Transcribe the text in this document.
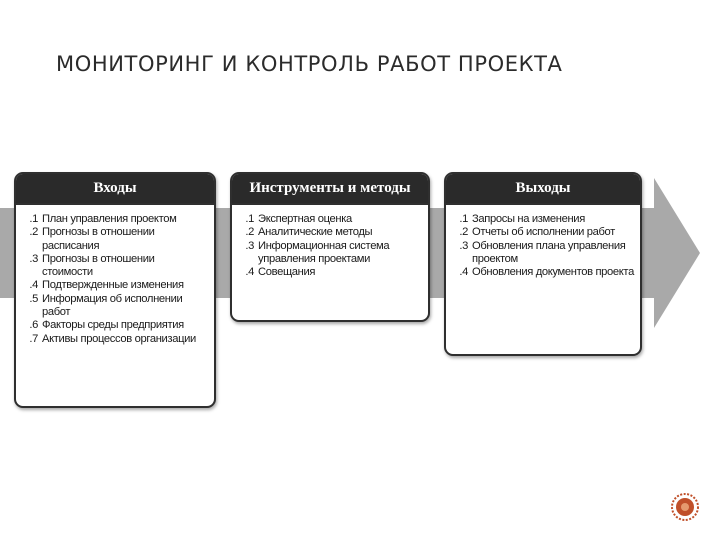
МОНИТОРИНГ И КОНТРОЛЬ РАБОТ ПРОЕКТА
Входы
.1 План управления проектом
.2 Прогнозы в отношении расписания
.3 Прогнозы в отношении стоимости
.4 Подтвержденные изменения
.5 Информация об исполнении работ
.6 Факторы среды предприятия
.7 Активы процессов организации
Инструменты и методы
.1 Экспертная оценка
.2 Аналитические методы
.3 Информационная система управления проектами
.4 Совещания
Выходы
.1 Запросы на изменения
.2 Отчеты об исполнении работ
.3 Обновления плана управления проектом
.4 Обновления документов проекта
